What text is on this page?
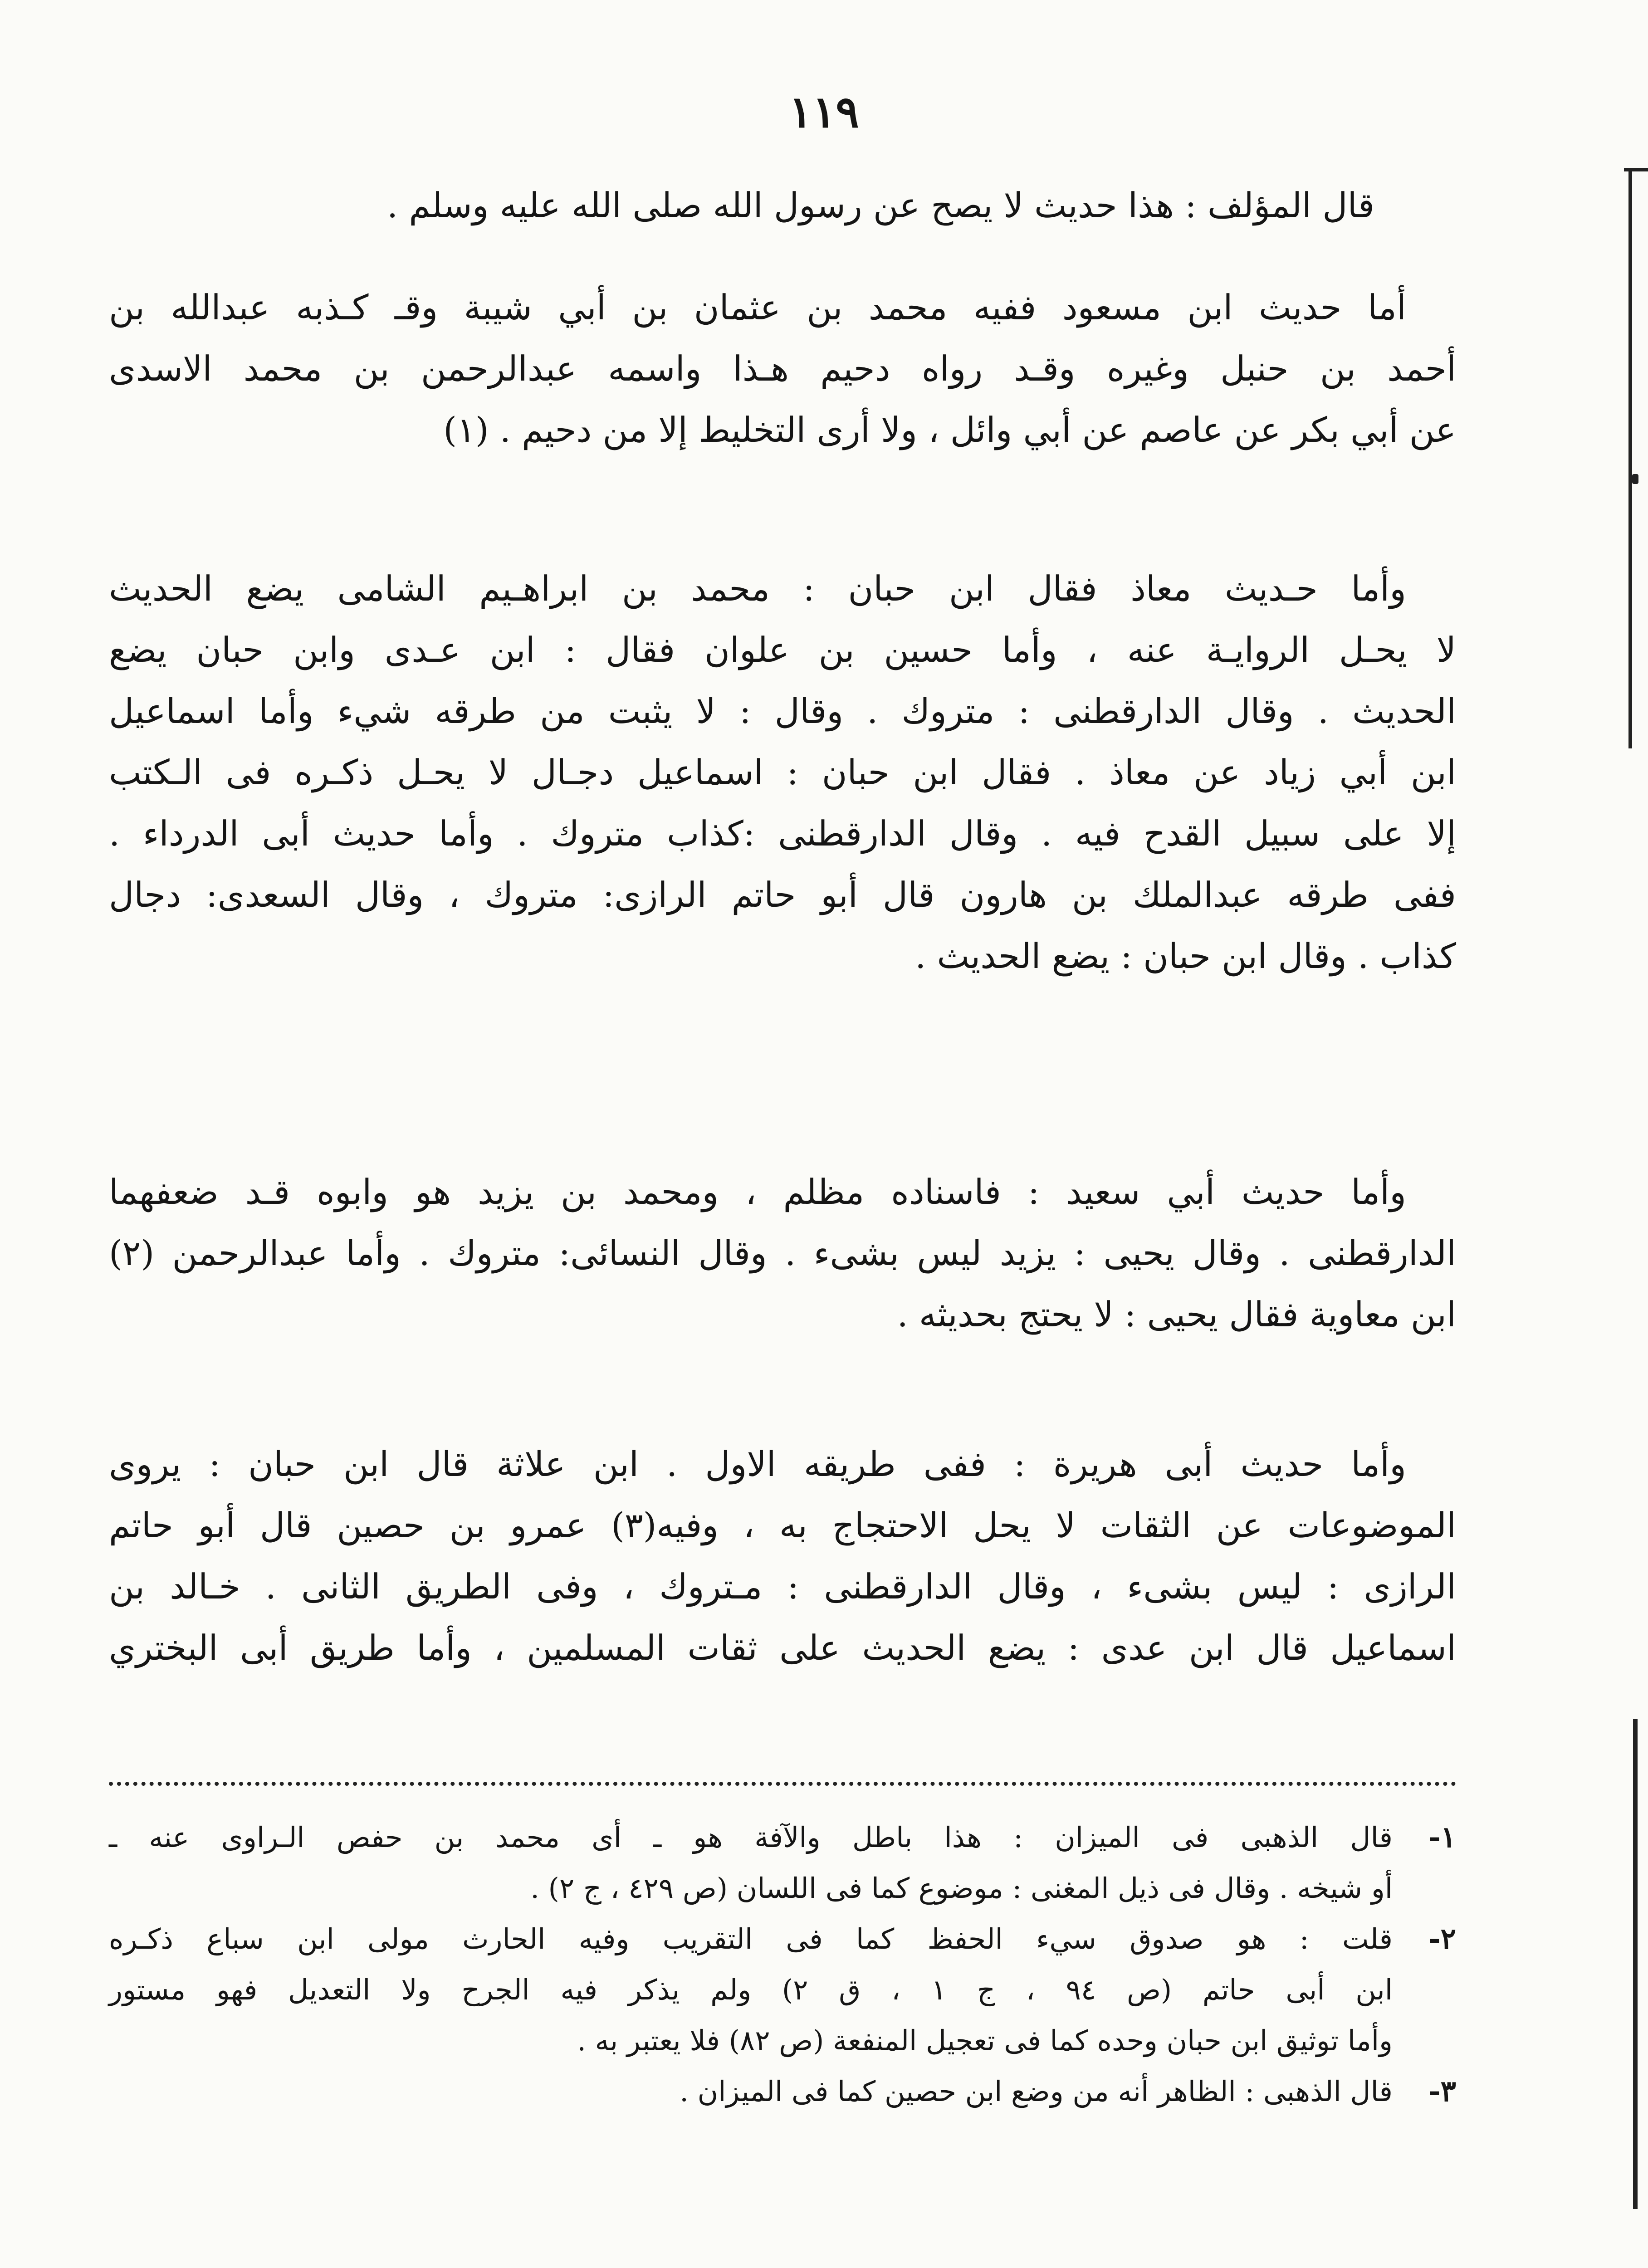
١١٩

قال المؤلف : هذا حديث لا يصح عن رسول الله صلى الله عليه وسلم .

أما حديث ابن مسعود ففيه محمد بن عثمان بن أبي شيبة وقـ كـذبه عبدالله بن
أحمد بن حنبل وغيره وقـد رواه دحيم هـذا واسمه عبدالرحمن بن محمد الاسدى
عن أبي بكر عن عاصم عن أبي وائل ، ولا أرى التخليط إلا من دحيم . (١)

وأما حـديث معاذ فقال ابن حبان : محمد بن ابراهـيم الشامى يضع الحديث
لا يحـل الروايـة عنه ، وأما حسين بن علوان فقال : ابن عـدى وابن حبان يضع
الحديث . وقال الدارقطنى : متروك . وقال : لا يثبت من طرقه شيء وأما اسماعيل
ابن أبي زياد عن معاذ . فقال ابن حبان : اسماعيل دجـال لا يحـل ذكـره فى الـكتب
إلا على سبيل القدح فيه . وقال الدارقطنى :كذاب متروك . وأما حديث أبى الدرداء .
ففى طرقه عبدالملك بن هارون قال أبو حاتم الرازى: متروك ، وقال السعدى: دجال
كذاب . وقال ابن حبان : يضع الحديث .

وأما حديث أبي سعيد : فاسناده مظلم ، ومحمد بن يزيد هو وابوه قـد ضعفهما
الدارقطنى . وقال يحيى : يزيد ليس بشىء . وقال النسائى: متروك . وأما عبدالرحمن (٢)
ابن معاوية فقال يحيى : لا يحتج بحديثه .

وأما حديث أبى هريرة : ففى طريقه الاول . ابن علاثة قال ابن حبان : يروى
الموضوعات عن الثقات لا يحل الاحتجاج به ، وفيه(٣) عمرو بن حصين قال أبو حاتم
الرازى : ليس بشىء ، وقال الدارقطنى : مـتروك ، وفى الطريق الثانى . خـالد بن
اسماعيل قال ابن عدى : يضع الحديث على ثقات المسلمين ، وأما طريق أبى البختري

١-
قال الذهبى فى الميزان : هذا باطل والآفة هو ـ أى محمد بن حفص الـراوى عنه ـ
أو شيخه . وقال فى ذيل المغنى : موضوع كما فى اللسان (ص ٤٢٩ ، ج ٢) .
٢-
قلت : هو صدوق سيء الحفظ كما فى التقريب وفيه الحارث مولى ابن سباع ذكـره
ابن أبى حاتم (ص ٩٤ ، ج ١ ، ق ٢) ولم يذكر فيه الجرح ولا التعديل فهو مستور
وأما توثيق ابن حبان وحده كما فى تعجيل المنفعة (ص ٨٢) فلا يعتبر به .
٣-
قال الذهبى : الظاهر أنه من وضع ابن حصين كما فى الميزان .
